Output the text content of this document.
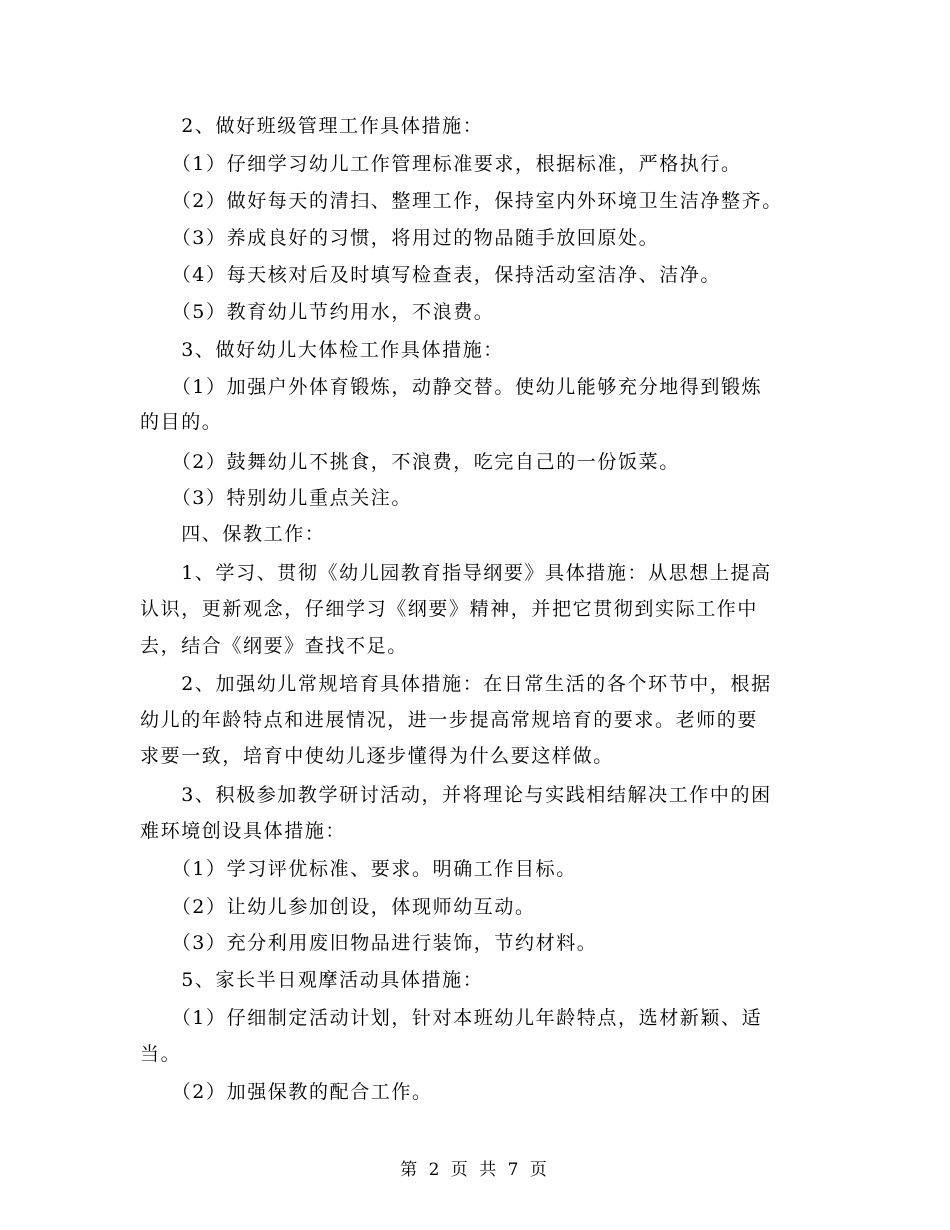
　　2、做好班级管理工作具体措施：
　　（1）仔细学习幼儿工作管理标准要求，根据标准，严格执行。
　　（2）做好每天的清扫、整理工作，保持室内外环境卫生洁净整齐。
　　（3）养成良好的习惯，将用过的物品随手放回原处。
　　（4）每天核对后及时填写检查表，保持活动室洁净、洁净。
　　（5）教育幼儿节约用水，不浪费。
　　3、做好幼儿大体检工作具体措施：
　　（1）加强户外体育锻炼，动静交替。使幼儿能够充分地得到锻炼
的目的。
　　（2）鼓舞幼儿不挑食，不浪费，吃完自己的一份饭菜。
　　（3）特别幼儿重点关注。
　　四、保教工作：
　　1、学习、贯彻《幼儿园教育指导纲要》具体措施：从思想上提高
认识，更新观念，仔细学习《纲要》精神，并把它贯彻到实际工作中
去，结合《纲要》查找不足。
　　2、加强幼儿常规培育具体措施：在日常生活的各个环节中，根据
幼儿的年龄特点和进展情况，进一步提高常规培育的要求。老师的要
求要一致，培育中使幼儿逐步懂得为什么要这样做。
　　3、积极参加教学研讨活动，并将理论与实践相结解决工作中的困
难环境创设具体措施：
　　（1）学习评优标准、要求。明确工作目标。
　　（2）让幼儿参加创设，体现师幼互动。
　　（3）充分利用废旧物品进行装饰，节约材料。
　　5、家长半日观摩活动具体措施：
　　（1）仔细制定活动计划，针对本班幼儿年龄特点，选材新颖、适
当。
　　（2）加强保教的配合工作。
第 2 页 共 7 页
